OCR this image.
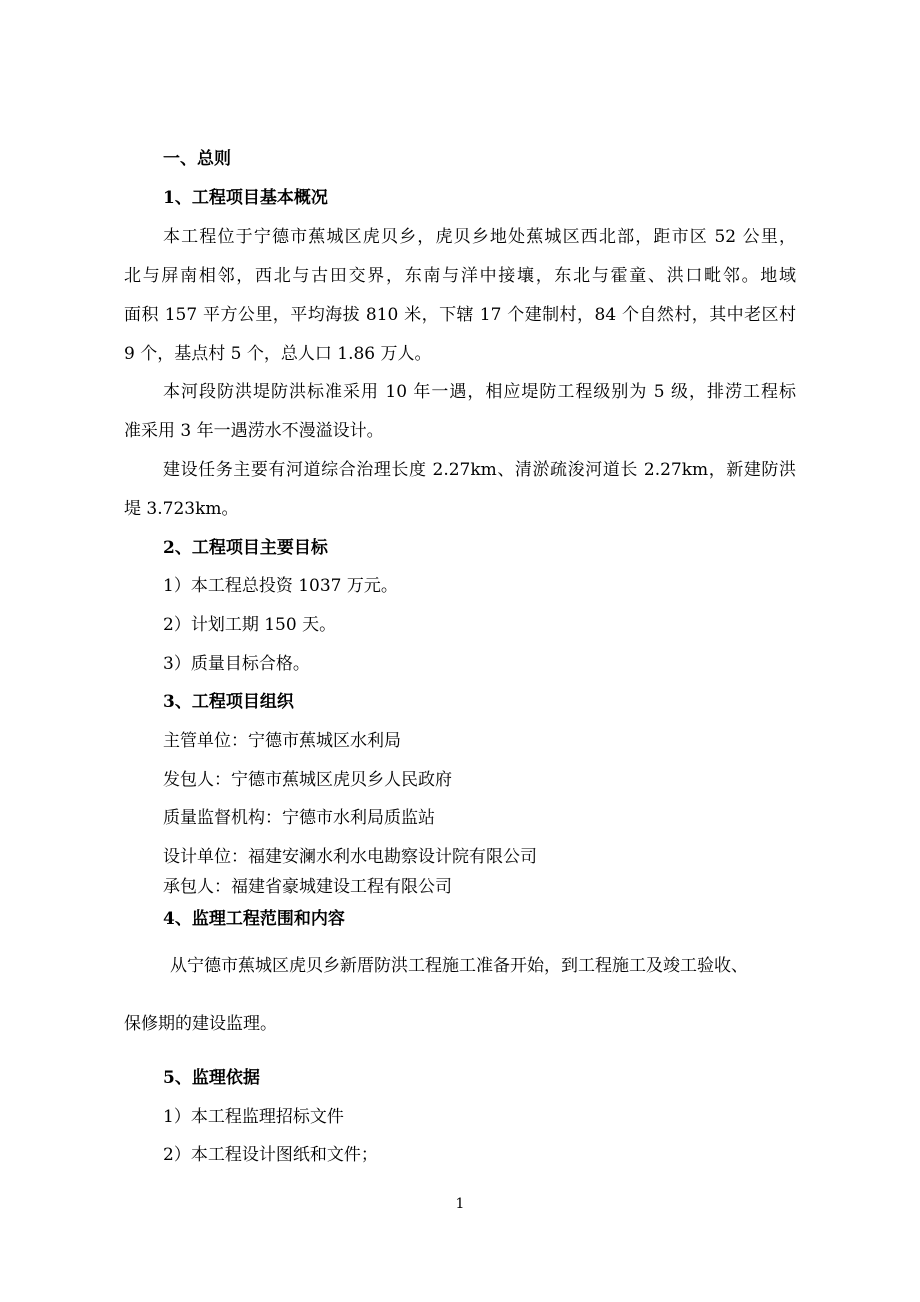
一、总则
1、工程项目基本概况
本工程位于宁德市蕉城区虎贝乡，虎贝乡地处蕉城区西北部，距市区 52 公里，
北与屏南相邻，西北与古田交界，东南与洋中接壤，东北与霍童、洪口毗邻。地域
面积 157 平方公里，平均海拔 810 米，下辖 17 个建制村，84 个自然村，其中老区村
9 个，基点村 5 个，总人口 1.86 万人。
本河段防洪堤防洪标准采用 10 年一遇，相应堤防工程级别为 5 级，排涝工程标
准采用 3 年一遇涝水不漫溢设计。
建设任务主要有河道综合治理长度 2.27km、清淤疏浚河道长 2.27km，新建防洪
堤 3.723km。
2、工程项目主要目标
1）本工程总投资 1037 万元。
2）计划工期 150 天。
3）质量目标合格。
3、工程项目组织
主管单位：宁德市蕉城区水利局
发包人：宁德市蕉城区虎贝乡人民政府
质量监督机构：宁德市水利局质监站
设计单位：福建安澜水利水电勘察设计院有限公司
承包人：福建省豪城建设工程有限公司
4、监理工程范围和内容
从宁德市蕉城区虎贝乡新厝防洪工程施工准备开始，到工程施工及竣工验收、
保修期的建设监理。
5、监理依据
1）本工程监理招标文件
2）本工程设计图纸和文件；
1
